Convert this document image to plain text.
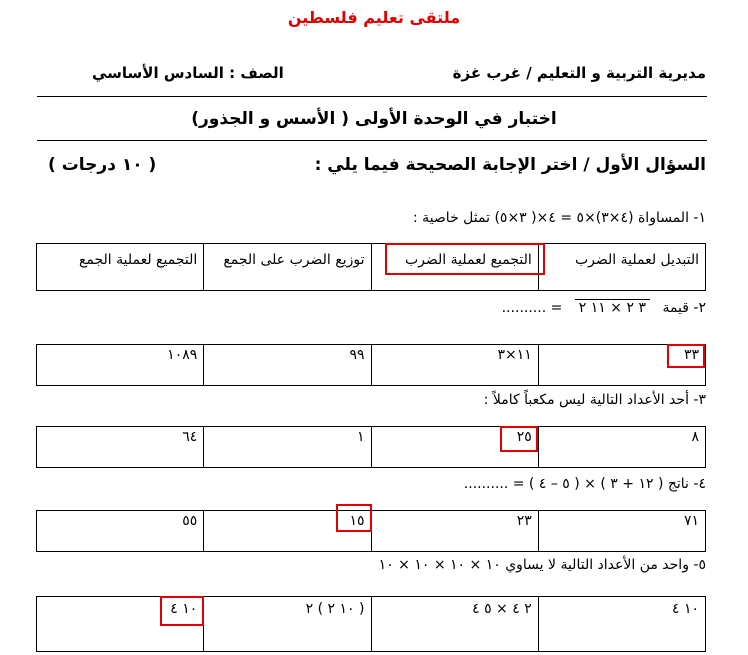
ملتقى تعليم فلسطين
مديرية التربية و التعليم / غرب غزة
الصف : السادس الأساسي
اختبار في الوحدة الأولى ( الأسس و الجذور)
السؤال الأول / اختر الإجابة الصحيحة فيما يلي :
( ١٠ درجات )
١- المساواة (٤×٣)×٥ = ٤×( ٣×٥) تمثل خاصية :
التبديل لعملية الضرب	التجميع لعملية الضرب	توزيع الضرب على الجمع	التجميع لعملية الجمع
٢- قيمة ٣ ٢ × ١١ ٢ = ..........
٣٣	١١×٣	٩٩	١٠٨٩
٣- أحد الأعداد التالية ليس مكعباً كاملاً :
٨	٢٥	١	٦٤
٤- ناتج ( ١٢ + ٣ ) × ( ٥ – ٤ ) = ..........
٧١	٢٣	١٥	٥٥
٥- واحد من الأعداد التالية لا يساوي ١٠ × ١٠ × ١٠ × ١٠
١٠ ٤	٢ ٤ × ٥ ٤	( ١٠ ٢ ) ٢	١٠ ٤
